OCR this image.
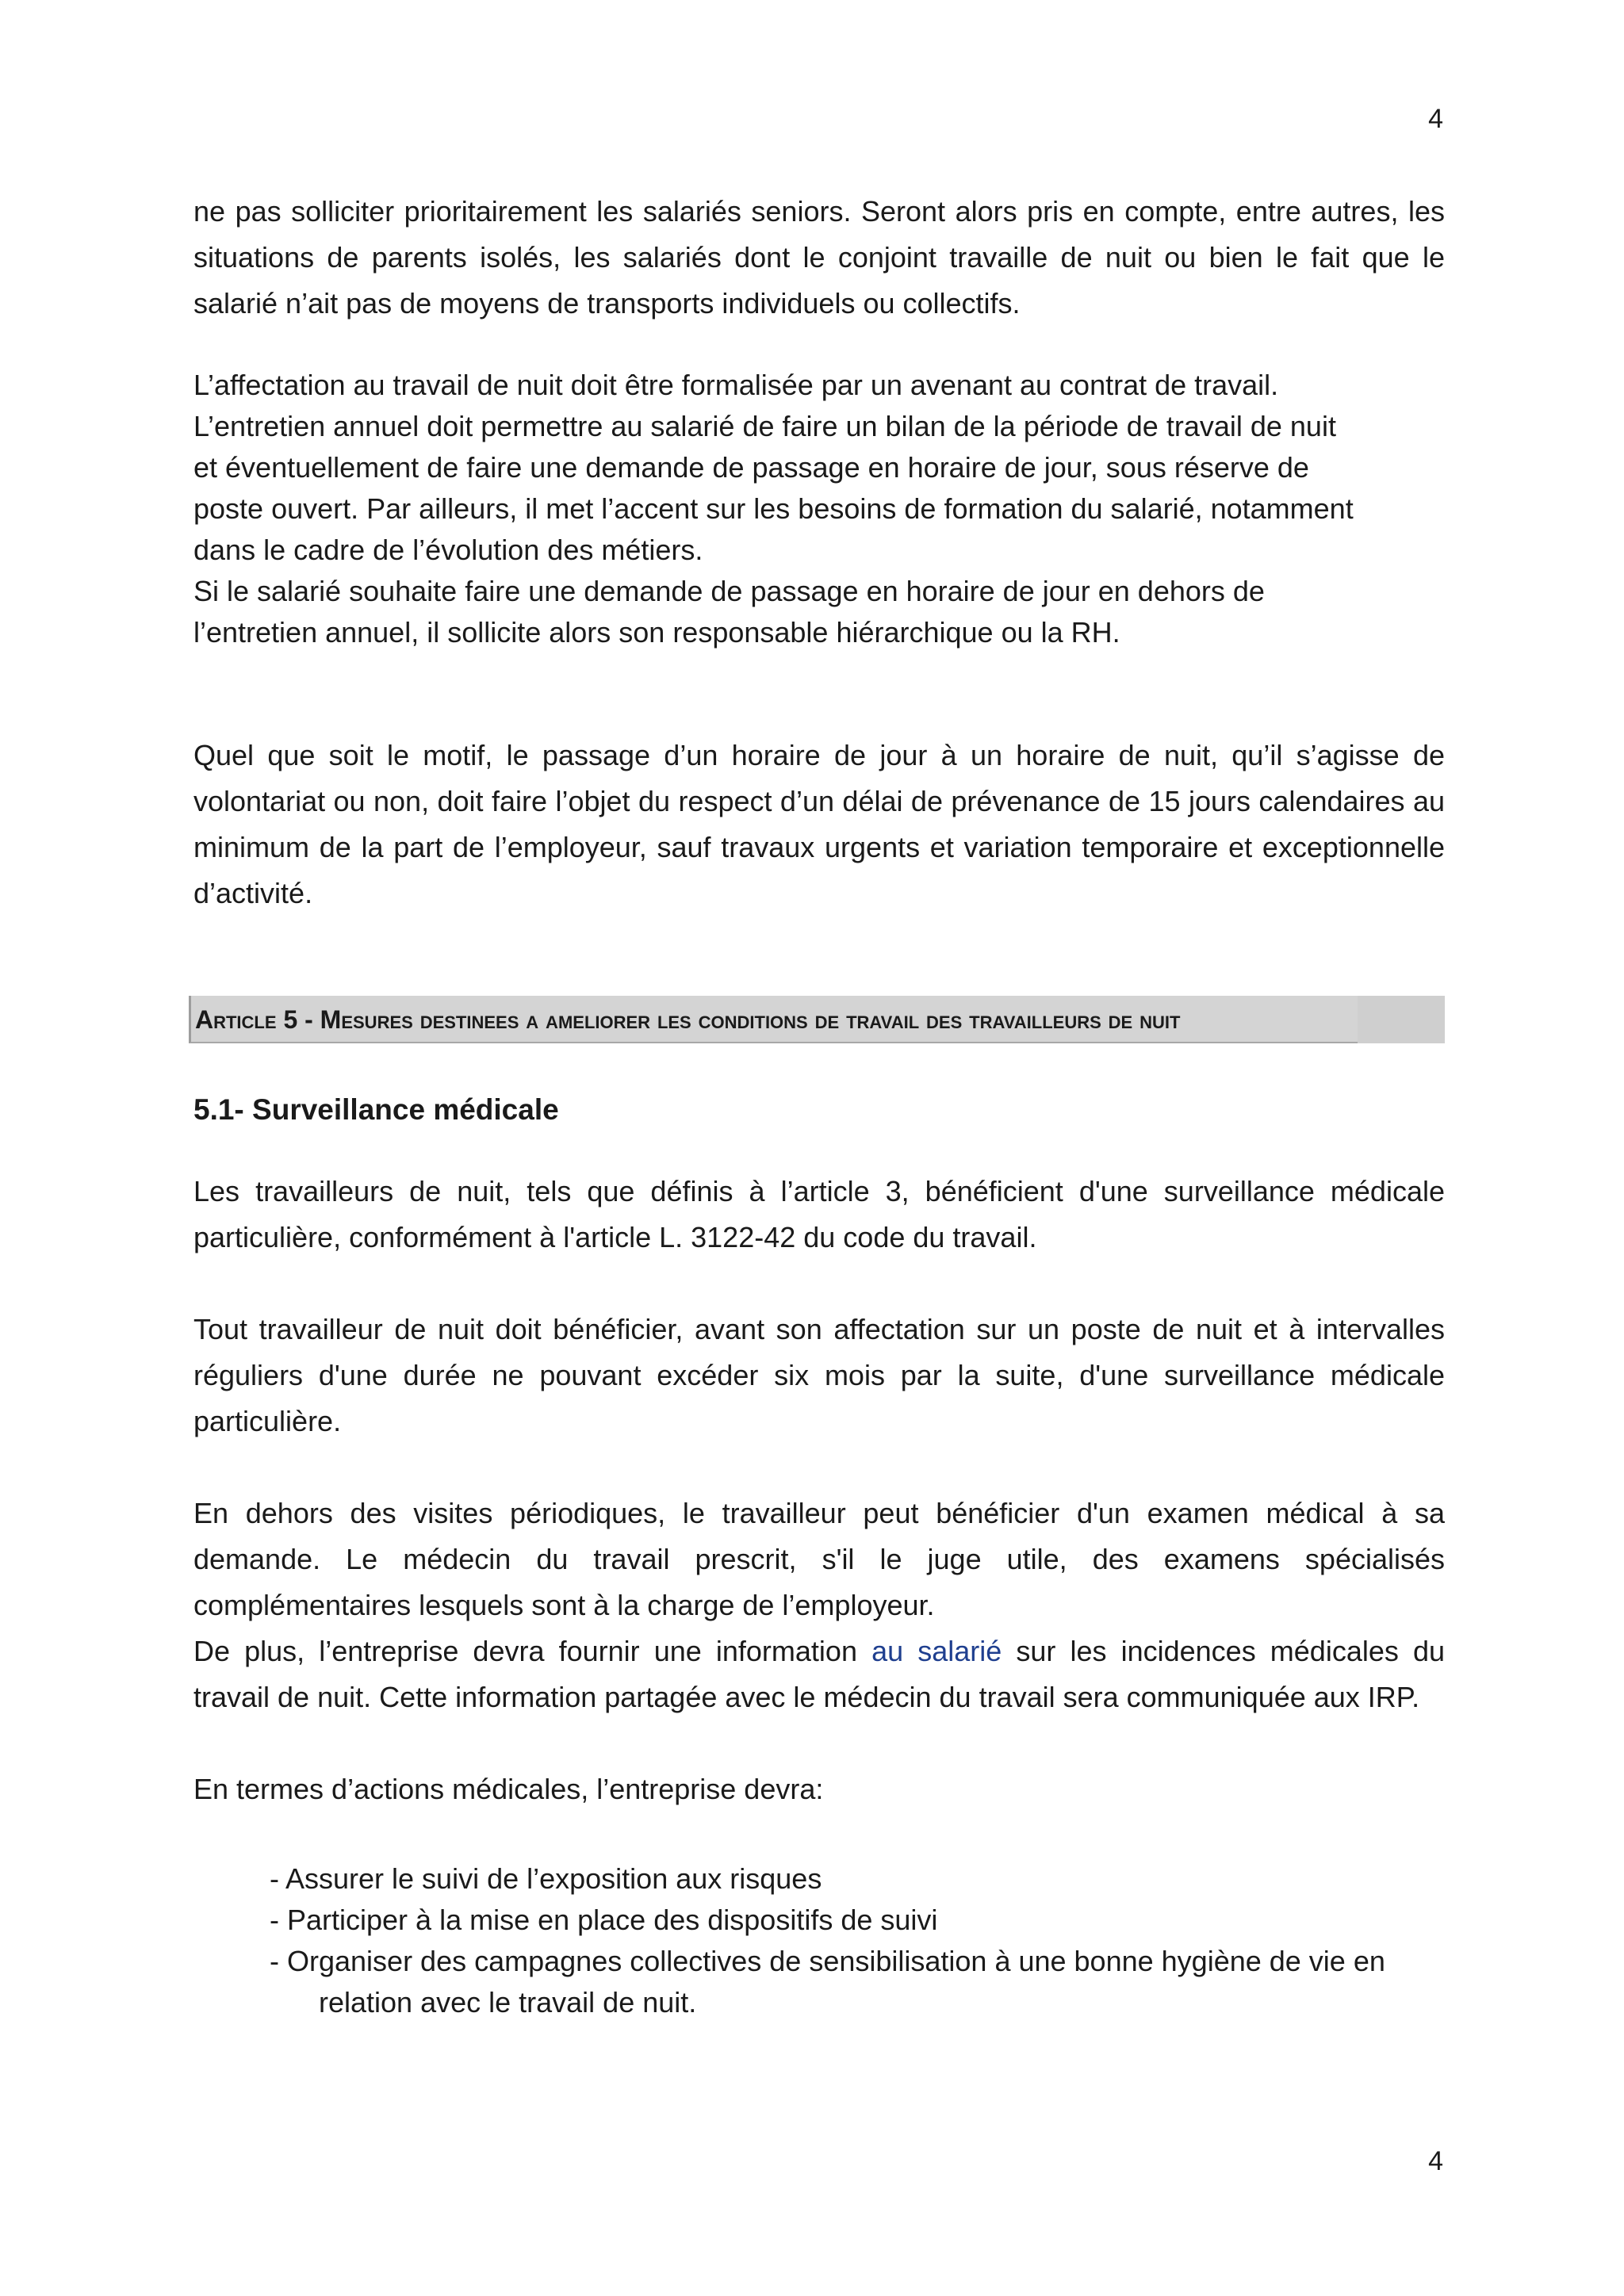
4

ne pas solliciter prioritairement les salariés seniors. Seront alors pris en compte, entre autres, les situations de parents isolés, les salariés dont le conjoint travaille de nuit ou bien le fait que le salarié n’ait pas de moyens de transports individuels ou collectifs.

L’affectation au travail de nuit doit être formalisée par un avenant au contrat de travail.
L’entretien annuel doit permettre au salarié de faire un bilan de la période de travail de nuit
et éventuellement de faire une demande de passage en horaire de jour, sous réserve de
poste ouvert. Par ailleurs, il met l’accent sur les besoins de formation du salarié, notamment
dans le cadre de l’évolution des métiers.
Si le salarié souhaite faire une demande de passage en horaire de jour en dehors de
l’entretien annuel, il sollicite alors son responsable hiérarchique ou la RH.

Quel que soit le motif, le passage d’un horaire de jour à un horaire de nuit, qu’il s’agisse de volontariat ou non, doit faire l’objet du respect d’un délai de prévenance de 15 jours calendaires au minimum de la part de l’employeur, sauf travaux urgents et variation temporaire et exceptionnelle d’activité.

Article 5 - Mesures destinees a ameliorer les conditions de travail des travailleurs de nuit
5.1- Surveillance médicale

Les travailleurs de nuit, tels que définis à l’article 3, bénéficient d'une surveillance médicale particulière, conformément à l'article L. 3122-42 du code du travail.

Tout travailleur de nuit doit bénéficier, avant son affectation sur un poste de nuit et à intervalles réguliers d'une durée ne pouvant excéder six mois par la suite, d'une surveillance médicale particulière.

En dehors des visites périodiques, le travailleur peut bénéficier d'un examen médical à sa demande. Le médecin du travail prescrit, s'il le juge utile, des examens spécialisés complémentaires lesquels sont à la charge de l’employeur.

De plus, l’entreprise devra fournir une information au salarié sur les incidences médicales du travail de nuit. Cette information partagée avec le médecin du travail sera communiquée aux IRP.

En termes d’actions médicales, l’entreprise devra:

- Assurer le suivi de l’exposition aux risques
- Participer à la mise en place des dispositifs de suivi
- Organiser des campagnes collectives de sensibilisation à une bonne hygiène de vie en
relation avec le travail de nuit.
4
